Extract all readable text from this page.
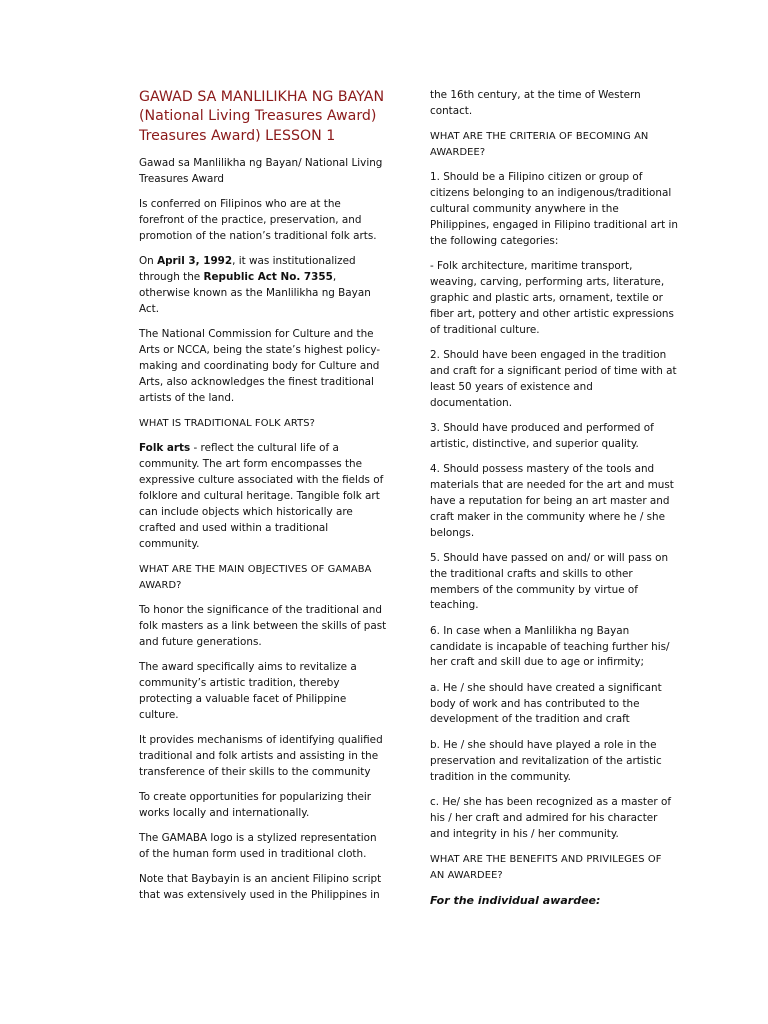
GAWAD SA MANLILIKHA NG BAYAN (National Living Treasures Award) Treasures Award) LESSON 1
Gawad sa Manlilikha ng Bayan/ National Living Treasures Award
Is conferred on Filipinos who are at the forefront of the practice, preservation, and promotion of the nation’s traditional folk arts.
On April 3, 1992, it was institutionalized through the Republic Act No. 7355, otherwise known as the Manlilikha ng Bayan Act.
The National Commission for Culture and the Arts or NCCA, being the state’s highest policy-making and coordinating body for Culture and Arts, also acknowledges the finest traditional artists of the land.
WHAT IS TRADITIONAL FOLK ARTS?
Folk arts - reflect the cultural life of a community. The art form encompasses the expressive culture associated with the fields of folklore and cultural heritage. Tangible folk art can include objects which historically are crafted and used within a traditional community.
WHAT ARE THE MAIN OBJECTIVES OF GAMABA AWARD?
To honor the significance of the traditional and folk masters as a link between the skills of past and future generations.
The award specifically aims to revitalize a community’s artistic tradition, thereby protecting a valuable facet of Philippine culture.
It provides mechanisms of identifying qualified traditional and folk artists and assisting in the transference of their skills to the community
To create opportunities for popularizing their works locally and internationally.
The GAMABA logo is a stylized representation of the human form used in traditional cloth.
Note that Baybayin is an ancient Filipino script that was extensively used in the Philippines in
the 16th century, at the time of Western contact.
WHAT ARE THE CRITERIA OF BECOMING AN AWARDEE?
1. Should be a Filipino citizen or group of citizens belonging to an indigenous/traditional cultural community anywhere in the Philippines, engaged in Filipino traditional art in the following categories:
- Folk architecture, maritime transport, weaving, carving, performing arts, literature, graphic and plastic arts, ornament, textile or fiber art, pottery and other artistic expressions of traditional culture.
2. Should have been engaged in the tradition and craft for a significant period of time with at least 50 years of existence and documentation.
3. Should have produced and performed of artistic, distinctive, and superior quality.
4. Should possess mastery of the tools and materials that are needed for the art and must have a reputation for being an art master and craft maker in the community where he / she belongs.
5. Should have passed on and/ or will pass on the traditional crafts and skills to other members of the community by virtue of teaching.
6. In case when a Manlilikha ng Bayan candidate is incapable of teaching further his/ her craft and skill due to age or infirmity;
a. He / she should have created a significant body of work and has contributed to the development of the tradition and craft
b. He / she should have played a role in the preservation and revitalization of the artistic tradition in the community.
c. He/ she has been recognized as a master of his / her craft and admired for his character and integrity in his / her community.
WHAT ARE THE BENEFITS AND PRIVILEGES OF AN AWARDEE?
For the individual awardee:
